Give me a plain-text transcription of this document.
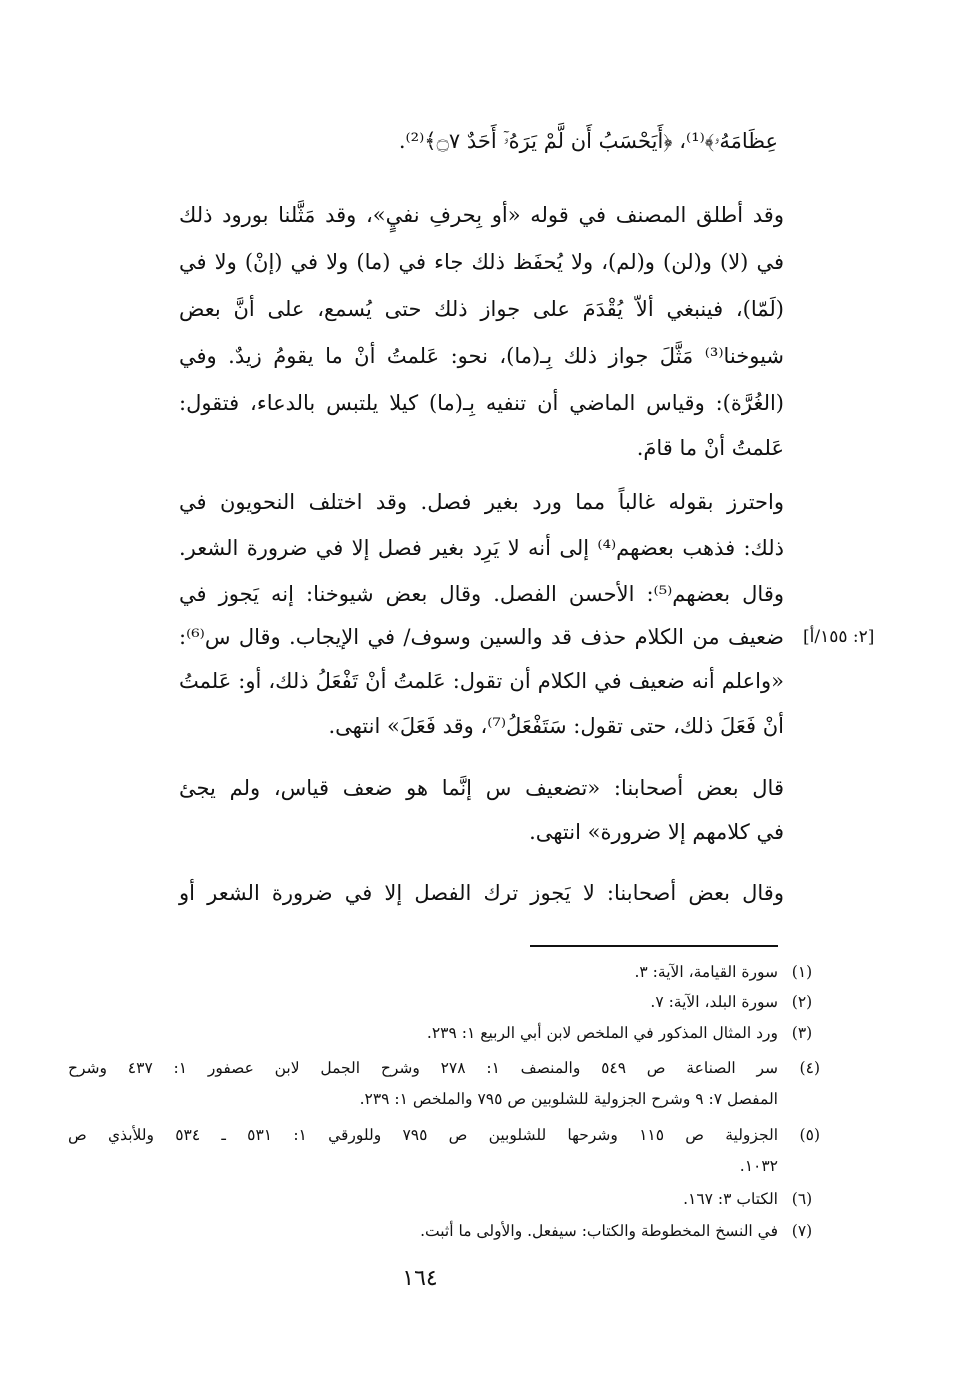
عِظَامَهُۥ﴾⁽¹⁾، ﴿أَيَحْسَبُ أَن لَّمْ يَرَهُۥٓ أَحَدٌ ۝٧﴾⁽²⁾.
وقد أطلق المصنف في قوله «أو بِحرفِ نفيٍ»، وقد مَثَّلنا بورود ذلك
في (لا) و(لن) و(لم)، ولا يُحفَظ ذلك جاء في (ما) ولا في (إنْ) ولا في
(لَمّا)، فينبغي ألاّ يُقْدَمَ على جواز ذلك حتى يُسمع، على أنَّ بعض
شيوخنا⁽³⁾ مَثَّلَ جواز ذلك بِـ(ما)، نحو: عَلمتُ أنْ ما يقومُ زيدٌ. وفي
(الغُرَّة): وقياس الماضي أن تنفيه بِـ(ما) كيلا يلتبس بالدعاء، فتقول:
عَلمتُ أنْ ما قامَ.
واحترز بقوله غالباً مما ورد بغير فصل. وقد اختلف النحويون في
ذلك: فذهب بعضهم⁽⁴⁾ إلى أنه لا يَرِد بغير فصل إلا في ضرورة الشعر.
وقال بعضهم⁽⁵⁾: الأحسن الفصل. وقال بعض شيوخنا: إنه يَجوز في
ضعيف من الكلام حذف قد والسين وسوف/ في الإيجاب. وقال س⁽⁶⁾:
«واعلم أنه ضعيف في الكلام أن تقول: عَلمتُ أنْ تَفْعَلُ ذلك، أو: عَلمتُ
أنْ فَعَلَ ذلك، حتى تقول: سَتَفْعَلُ⁽⁷⁾، وقد فَعَلَ» انتهى.
قال بعض أصحابنا: «تضعيف س إنَّما هو ضعف قياس، ولم يجئ
في كلامهم إلا ضرورة» انتهى.
وقال بعض أصحابنا: لا يَجوز ترك الفصل إلا في ضرورة الشعر أو
[٢: ١٥٥/أ]
(١)
سورة القيامة، الآية: ٣.
(٢)
سورة البلد، الآية: ٧.
(٣)
ورد المثال المذكور في الملخص لابن أبي الربيع ١: ٢٣٩.
(٤)
سر الصناعة ص ٥٤٩ والمنصف ١: ٢٧٨ وشرح الجمل لابن عصفور ١: ٤٣٧ وشرح
المفصل ٧: ٩ وشرح الجزولية للشلوبين ص ٧٩٥ والملخص ١: ٢٣٩.
(٥)
الجزولية ص ١١٥ وشرحها للشلوبين ص ٧٩٥ وللورقي ١: ٥٣١ ـ ٥٣٤ وللأبذي ص
١٠٣٢.
(٦)
الكتاب ٣: ١٦٧.
(٧)
في النسخ المخطوطة والكتاب: سيفعل. والأولى ما أثبت.
١٦٤
